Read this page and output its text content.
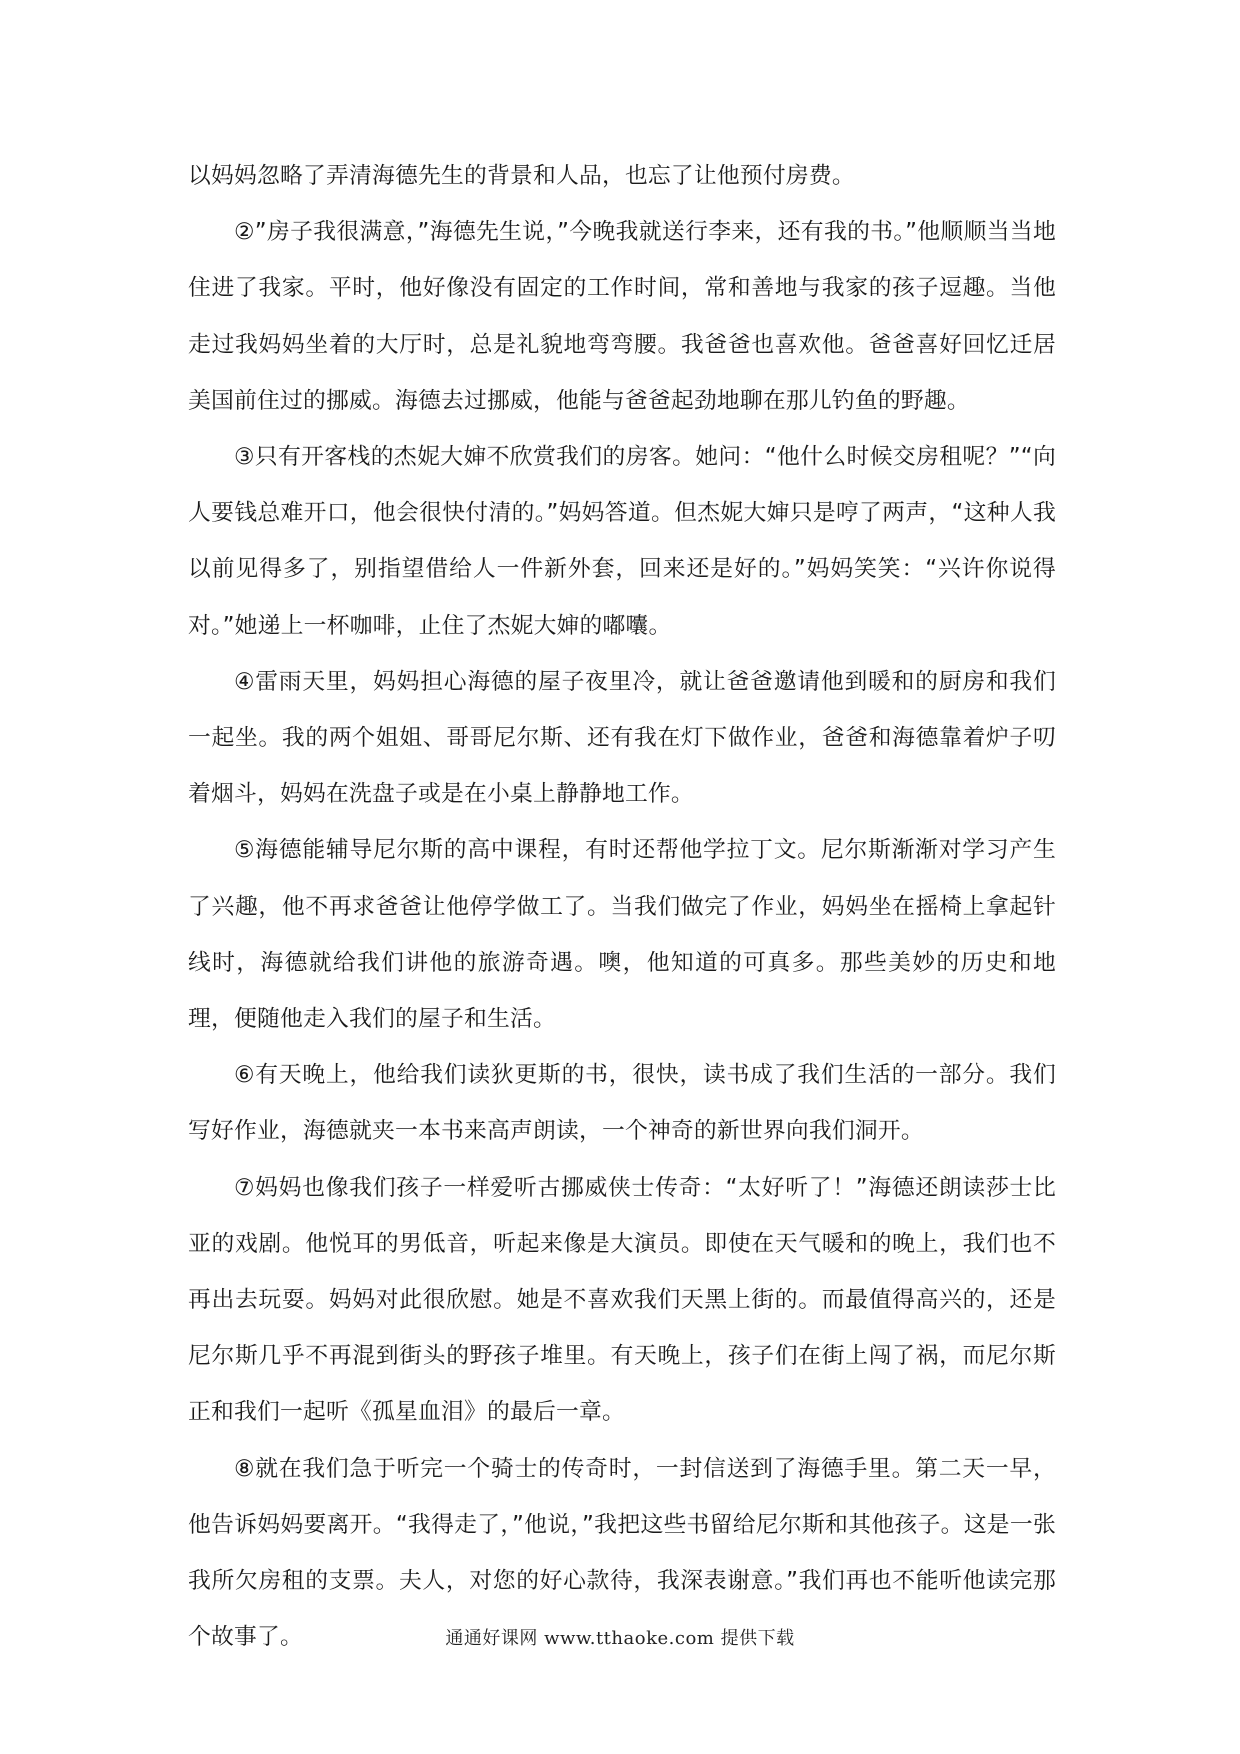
以妈妈忽略了弄清海德先生的背景和人品，也忘了让他预付房费。

②”房子我很满意，”海德先生说，”今晚我就送行李来，还有我的书。”他顺顺当当地住进了我家。平时，他好像没有固定的工作时间，常和善地与我家的孩子逗趣。当他走过我妈妈坐着的大厅时，总是礼貌地弯弯腰。我爸爸也喜欢他。爸爸喜好回忆迁居美国前住过的挪威。海德去过挪威，他能与爸爸起劲地聊在那儿钓鱼的野趣。

③只有开客栈的杰妮大婶不欣赏我们的房客。她问：“他什么时候交房租呢？”“向人要钱总难开口，他会很快付清的。”妈妈答道。但杰妮大婶只是哼了两声，“这种人我以前见得多了，别指望借给人一件新外套，回来还是好的。”妈妈笑笑：“兴许你说得对。”她递上一杯咖啡，止住了杰妮大婶的嘟囔。

④雷雨天里，妈妈担心海德的屋子夜里冷，就让爸爸邀请他到暖和的厨房和我们一起坐。我的两个姐姐、哥哥尼尔斯、还有我在灯下做作业，爸爸和海德靠着炉子叨着烟斗，妈妈在洗盘子或是在小桌上静静地工作。

⑤海德能辅导尼尔斯的高中课程，有时还帮他学拉丁文。尼尔斯渐渐对学习产生了兴趣，他不再求爸爸让他停学做工了。当我们做完了作业，妈妈坐在摇椅上拿起针线时，海德就给我们讲他的旅游奇遇。噢，他知道的可真多。那些美妙的历史和地理，便随他走入我们的屋子和生活。

⑥有天晚上，他给我们读狄更斯的书，很快，读书成了我们生活的一部分。我们写好作业，海德就夹一本书来高声朗读，一个神奇的新世界向我们洞开。

⑦妈妈也像我们孩子一样爱听古挪威侠士传奇：“太好听了！”海德还朗读莎士比亚的戏剧。他悦耳的男低音，听起来像是大演员。即使在天气暖和的晚上，我们也不再出去玩耍。妈妈对此很欣慰。她是不喜欢我们天黑上街的。而最值得高兴的，还是尼尔斯几乎不再混到街头的野孩子堆里。有天晚上，孩子们在街上闯了祸，而尼尔斯正和我们一起听《孤星血泪》的最后一章。

⑧就在我们急于听完一个骑士的传奇时，一封信送到了海德手里。第二天一早，他告诉妈妈要离开。“我得走了，”他说，”我把这些书留给尼尔斯和其他孩子。这是一张我所欠房租的支票。夫人，对您的好心款待，我深表谢意。”我们再也不能听他读完那个故事了。	通通好课网 www.tthaoke.com 提供下载
